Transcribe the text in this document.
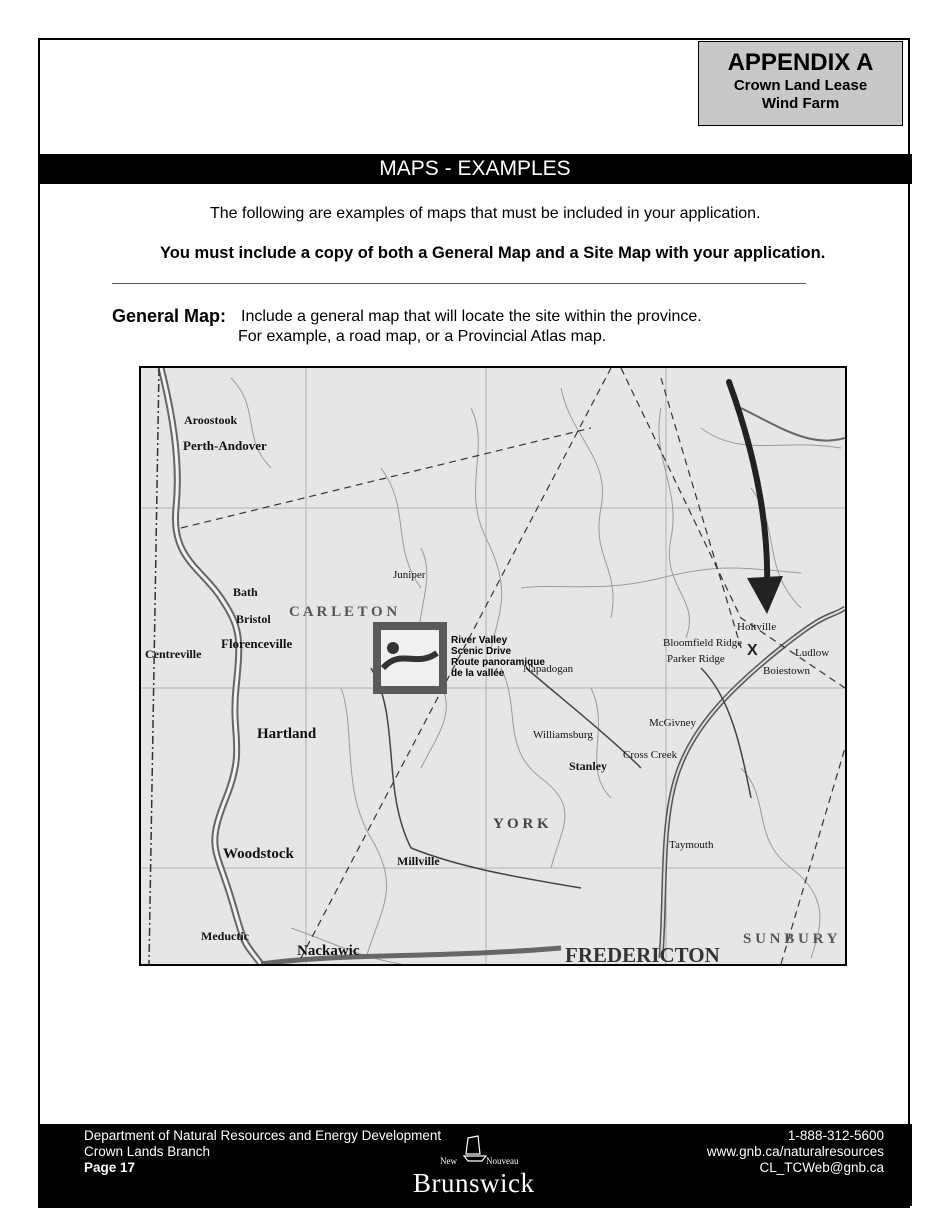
APPENDIX A
Crown Land Lease
Wind Farm
MAPS - EXAMPLES
The following are examples of maps that must be included in your application.
You must include a copy of both a General Map and a Site Map with your application.
General Map: Include a general map that will locate the site within the province.
For example, a road map, or a Provincial Atlas map.
C A R L E T O N
Y O R K
S U N B U R Y
Perth-Andover
Aroostook
Bath
Bristol
Florenceville
Centreville
Hartland
Woodstock
Nackawic
Millville
Stanley
FREDERICTON
Holtville
Boiestown
Taymouth
McGivney
Cross Creek
Williamsburg
Napadogan
Bloomfield Ridge
Parker Ridge	Ludlow
Juniper
Meductic
River Valley
Scenic Drive
Route panoramique
de la vallée
X
Department of Natural Resources and Energy Development
Crown Lands Branch
Page 17	New	Nouveau
Brunswick
1-888-312-5600
www.gnb.ca/naturalresources
CL_TCWeb@gnb.ca
